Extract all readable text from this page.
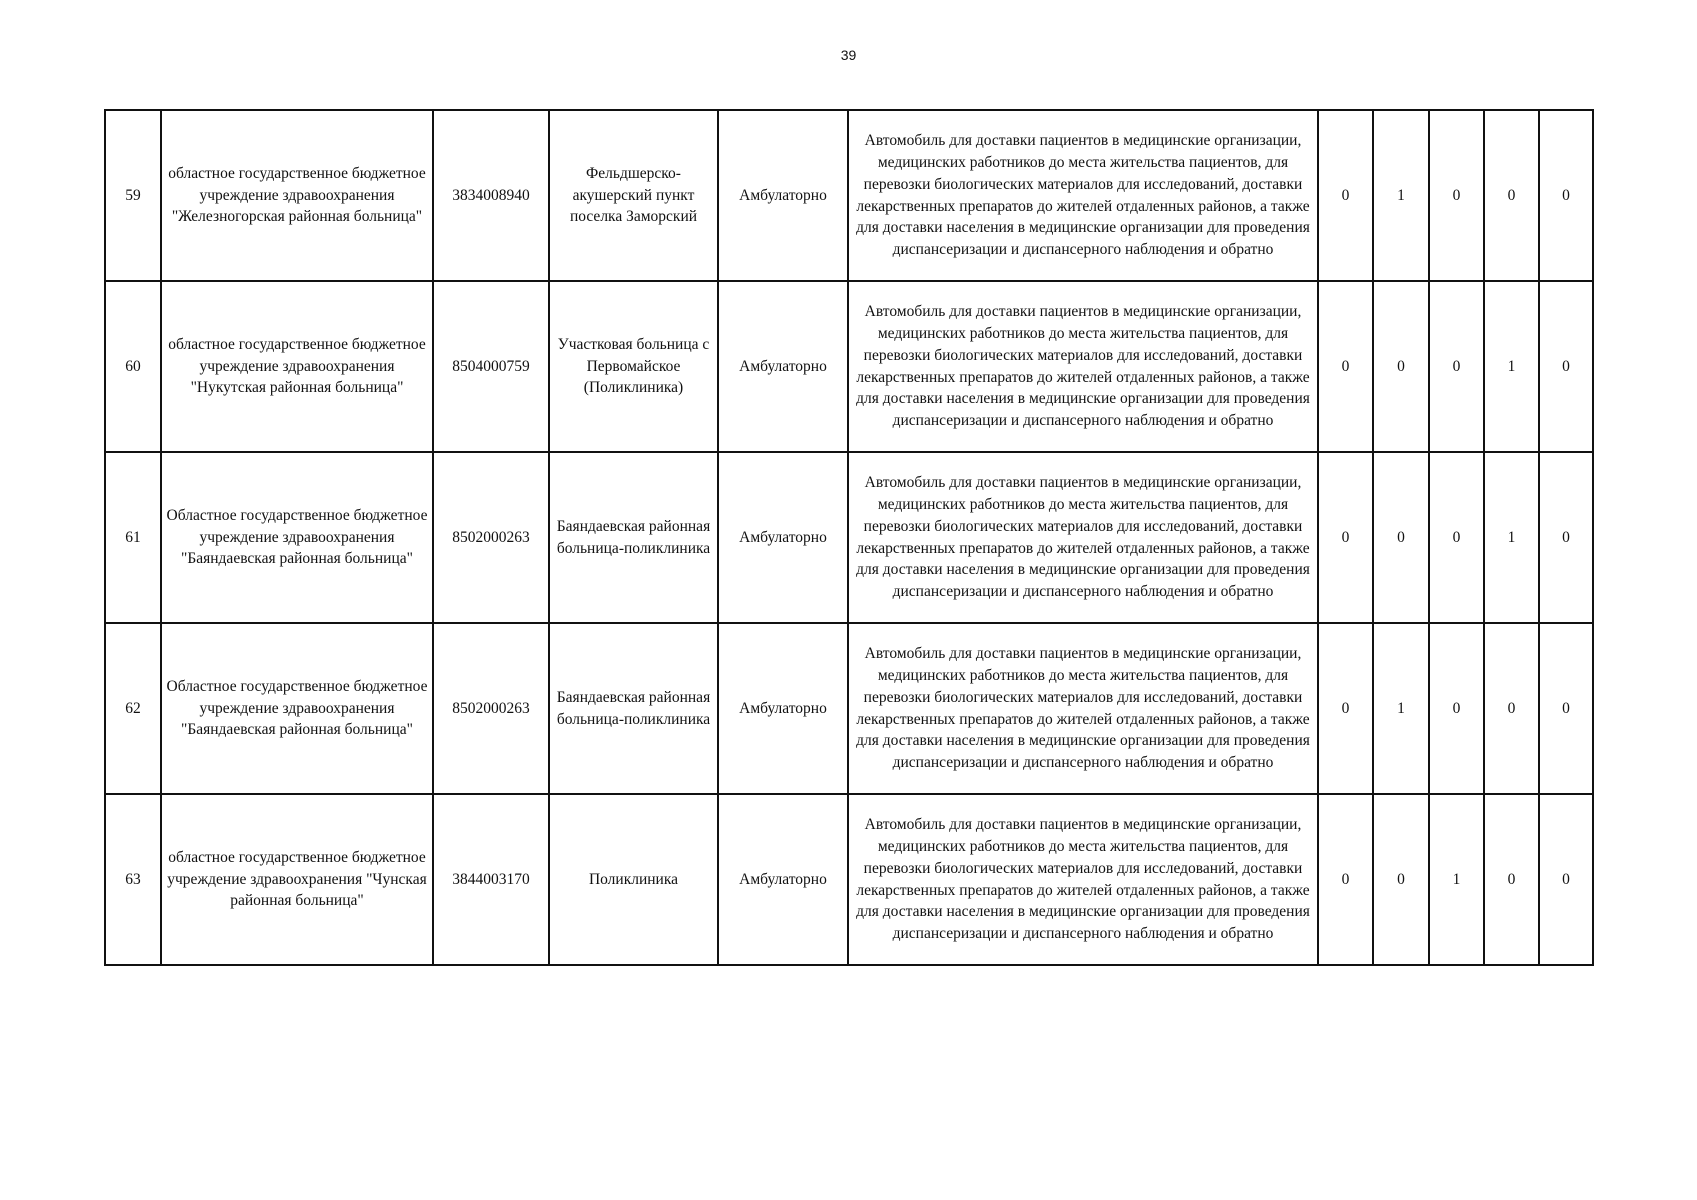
39
59	областное государственное бюджетное учреждение здравоохранения "Железногорская районная больница"	3834008940	Фельдшерско-акушерский пункт поселка Заморский	Амбулаторно	Автомобиль для доставки пациентов в медицинские организации, медицинских работников до места жительства пациентов, для перевозки биологических материалов для исследований, доставки лекарственных препаратов до жителей отдаленных районов, а также для доставки населения в медицинские организации для проведения диспансеризации и диспансерного наблюдения и обратно	0	1	0	0	0
60	областное государственное бюджетное учреждение здравоохранения "Нукутская районная больница"	8504000759	Участковая больница с Первомайское (Поликлиника)	Амбулаторно	Автомобиль для доставки пациентов в медицинские организации, медицинских работников до места жительства пациентов, для перевозки биологических материалов для исследований, доставки лекарственных препаратов до жителей отдаленных районов, а также для доставки населения в медицинские организации для проведения диспансеризации и диспансерного наблюдения и обратно	0	0	0	1	0
61	Областное государственное бюджетное учреждение здравоохранения "Баяндаевская районная больница"	8502000263	Баяндаевская районная больница-поликлиника	Амбулаторно	Автомобиль для доставки пациентов в медицинские организации, медицинских работников до места жительства пациентов, для перевозки биологических материалов для исследований, доставки лекарственных препаратов до жителей отдаленных районов, а также для доставки населения в медицинские организации для проведения диспансеризации и диспансерного наблюдения и обратно	0	0	0	1	0
62	Областное государственное бюджетное учреждение здравоохранения "Баяндаевская районная больница"	8502000263	Баяндаевская районная больница-поликлиника	Амбулаторно	Автомобиль для доставки пациентов в медицинские организации, медицинских работников до места жительства пациентов, для перевозки биологических материалов для исследований, доставки лекарственных препаратов до жителей отдаленных районов, а также для доставки населения в медицинские организации для проведения диспансеризации и диспансерного наблюдения и обратно	0	1	0	0	0
63	областное государственное бюджетное учреждение здравоохранения "Чунская районная больница"	3844003170	Поликлиника	Амбулаторно	Автомобиль для доставки пациентов в медицинские организации, медицинских работников до места жительства пациентов, для перевозки биологических материалов для исследований, доставки лекарственных препаратов до жителей отдаленных районов, а также для доставки населения в медицинские организации для проведения диспансеризации и диспансерного наблюдения и обратно	0	0	1	0	0
